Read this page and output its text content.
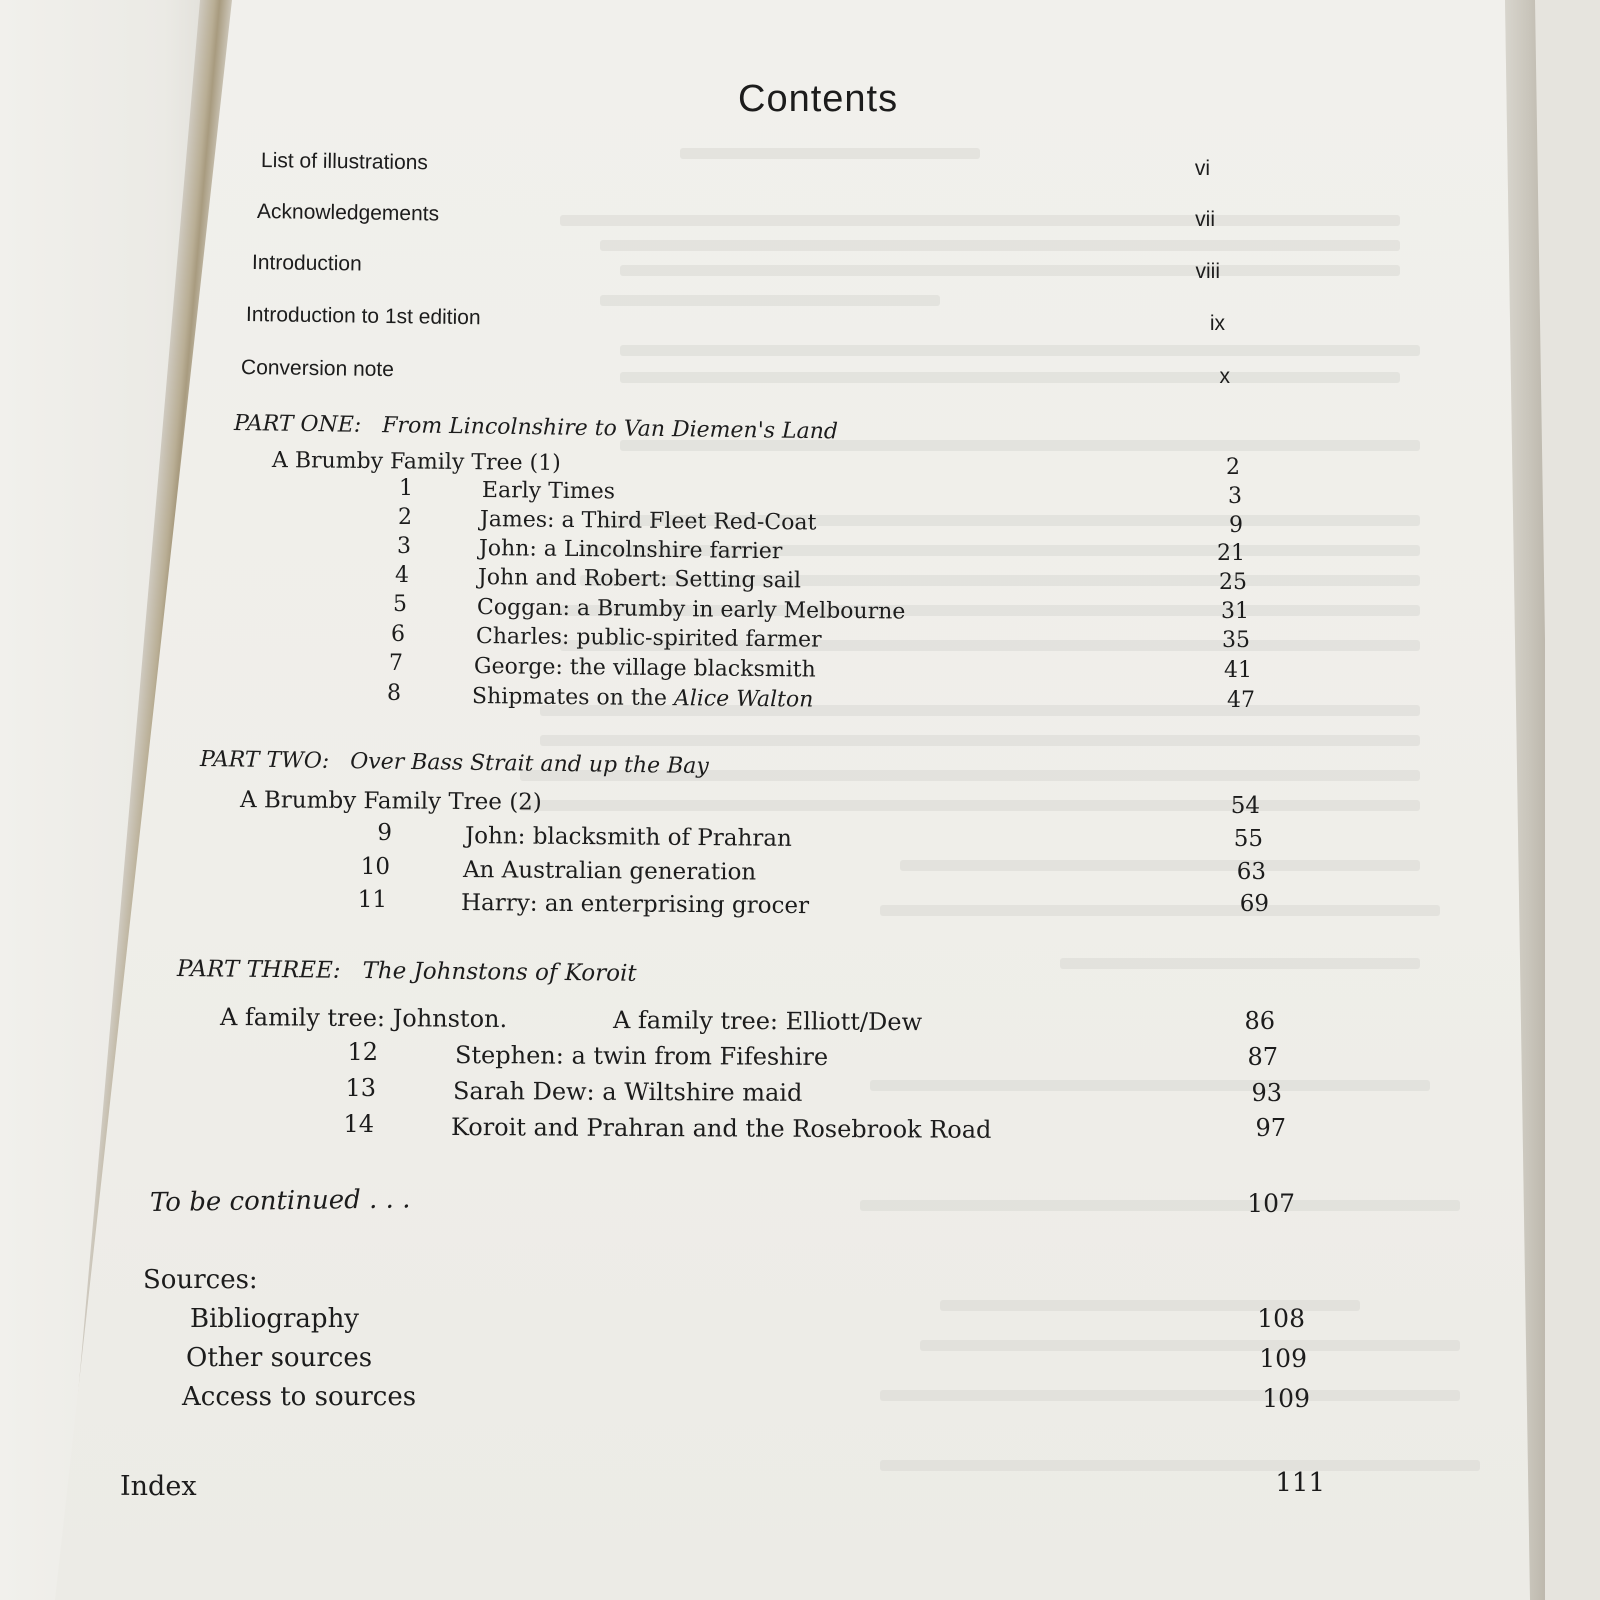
Contents
List of illustrations	vi
Acknowledgements	vii
Introduction	viii
Introduction to 1st edition	ix
Conversion note	x
PART ONE: From Lincolnshire to Van Diemen's Land
A Brumby Family Tree (1)	2
1	Early Times	3
2	James: a Third Fleet Red-Coat	9
3	John: a Lincolnshire farrier	21
4	John and Robert: Setting sail	25
5	Coggan: a Brumby in early Melbourne	31
6	Charles: public-spirited farmer	35
7	George: the village blacksmith	41
8	Shipmates on the Alice Walton	47
PART TWO: Over Bass Strait and up the Bay
A Brumby Family Tree (2)	54
9	John: blacksmith of Prahran	55
10	An Australian generation	63
11	Harry: an enterprising grocer	69
PART THREE: The Johnstons of Koroit
A family tree: Johnston.	A family tree: Elliott/Dew	86
12	Stephen: a twin from Fifeshire	87
13	Sarah Dew: a Wiltshire maid	93
14	Koroit and Prahran and the Rosebrook Road	97
To be continued . . .	107
Sources:
Bibliography	108
Other sources	109
Access to sources	109
Index	111
